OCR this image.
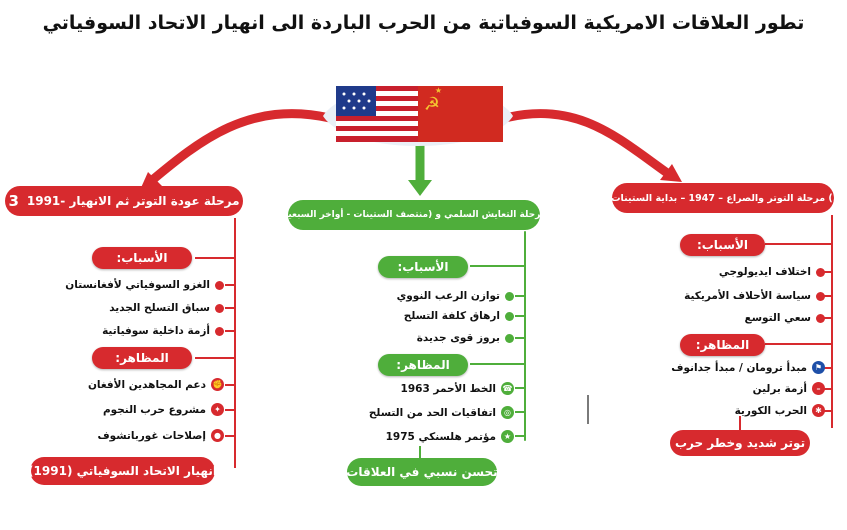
تطور العلاقات الامريكية السوفياتية من الحرب الباردة الى انهيار الاتحاد السوفياتي
☭
★
مرحلة عودة التوتر ثم الانهيار -1991
3
الأسباب:
الغزو السوفياتي لأفغانستان
سباق التسلح الجديد
أزمة داخلية سوفياتية
المظاهر:
✊
دعم المجاهدين الأفغان
✦
مشروع حرب النجوم
●
إصلاحات غورباتشوف
انهيار الاتحاد السوفياتي (1991)
2) مرحلة التعايش السلمي و (منتصف الستينات - أواخر السبعينات)
الأسباب:
توازن الرعب النووي
ارهاق كلفة التسلح
بروز قوى جديدة
المظاهر:
☎
الخط الأحمر 1963
◎
اتفاقيات الحد من التسلح
★
مؤتمر هلسنكي 1975
تحسن نسبي في العلاقات
1) مرحلة التوتر والصراع – 1947 – بداية الستينات)
الأسباب:
اختلاف ايديولوجي
سياسة الأحلاف الأمريكية
سعي التوسع
المظاهر:
⚑
مبدأ ترومان / مبدأ جدانوف
–
أزمة برلين
✱
الحرب الكورية
توتر شديد وخطر حرب
